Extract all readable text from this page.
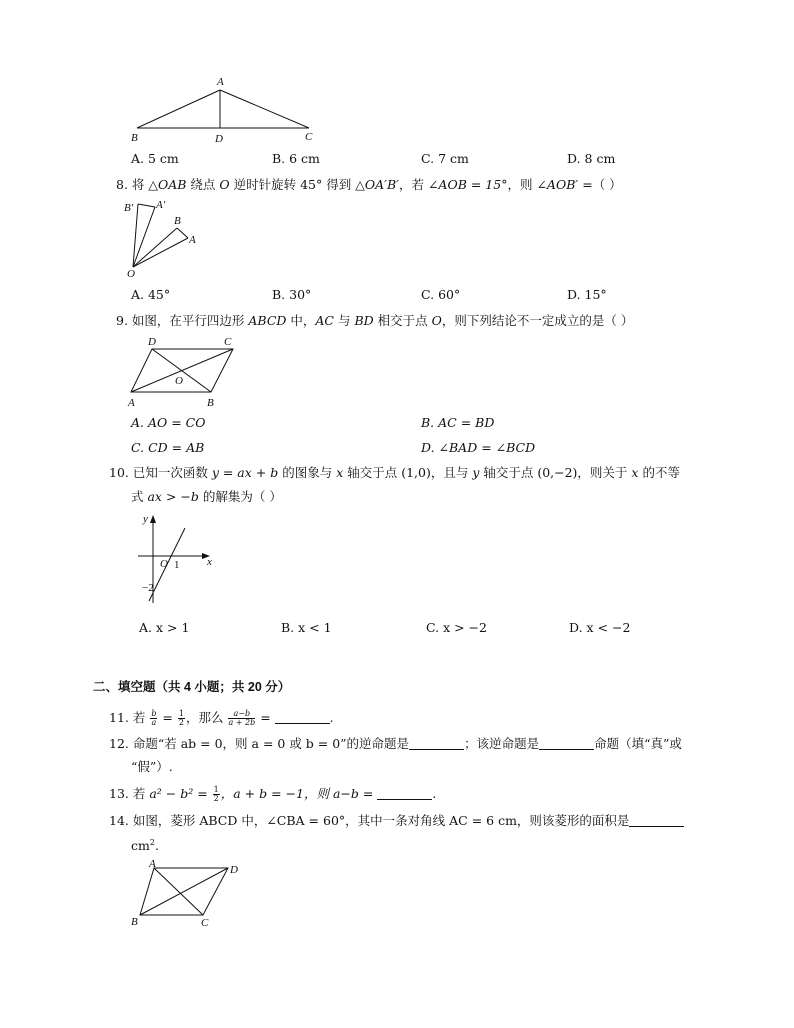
A
B	D	C
A. 5 cm	B. 6 cm	C. 7 cm	D. 8 cm
8. 将 △OAB 绕点 O 逆时针旋转 45° 得到 △OA′B′，若 ∠AOB = 15°，则 ∠AOB′ =（ ）
B′ A′
B
A
O
A. 45°	B. 30°	C. 60°	D. 15°
9. 如图，在平行四边形 ABCD 中，AC 与 BD 相交于点 O，则下列结论不一定成立的是（ ）
D	C
O
A	B
A. AO = CO	B. AC = BD
C. CD = AB	D. ∠BAD = ∠BCD
10. 已知一次函数 y = ax + b 的图象与 x 轴交于点 (1,0)，且与 y 轴交于点 (0,−2)，则关于 x 的不等
式 ax > −b 的解集为（ ）
y
x
O 1
−2
A. x > 1	B. x < 1	C. x > −2	D. x < −2
二、填空题（共 4 小题；共 20 分）
11. 若 $\frac{b}{a} = \frac{1}{2}$ ，那么 $\frac{a-b}{a + 2b}$ =	.
12. 命题“若 ab = 0，则 a = 0 或 b = 0”的逆命题是	；该逆命题是	命题（填“真”或
“假”）.
13. 若 $a^2 - b^2 = \frac{1}{2}$ ，a + b = −1，则 a−b =	.
14. 如图，菱形 ABCD 中，∠CBA = 60°，其中一条对角线 AC = 6 cm，则该菱形的面积是
$cm^2$.
A	D
B	C
